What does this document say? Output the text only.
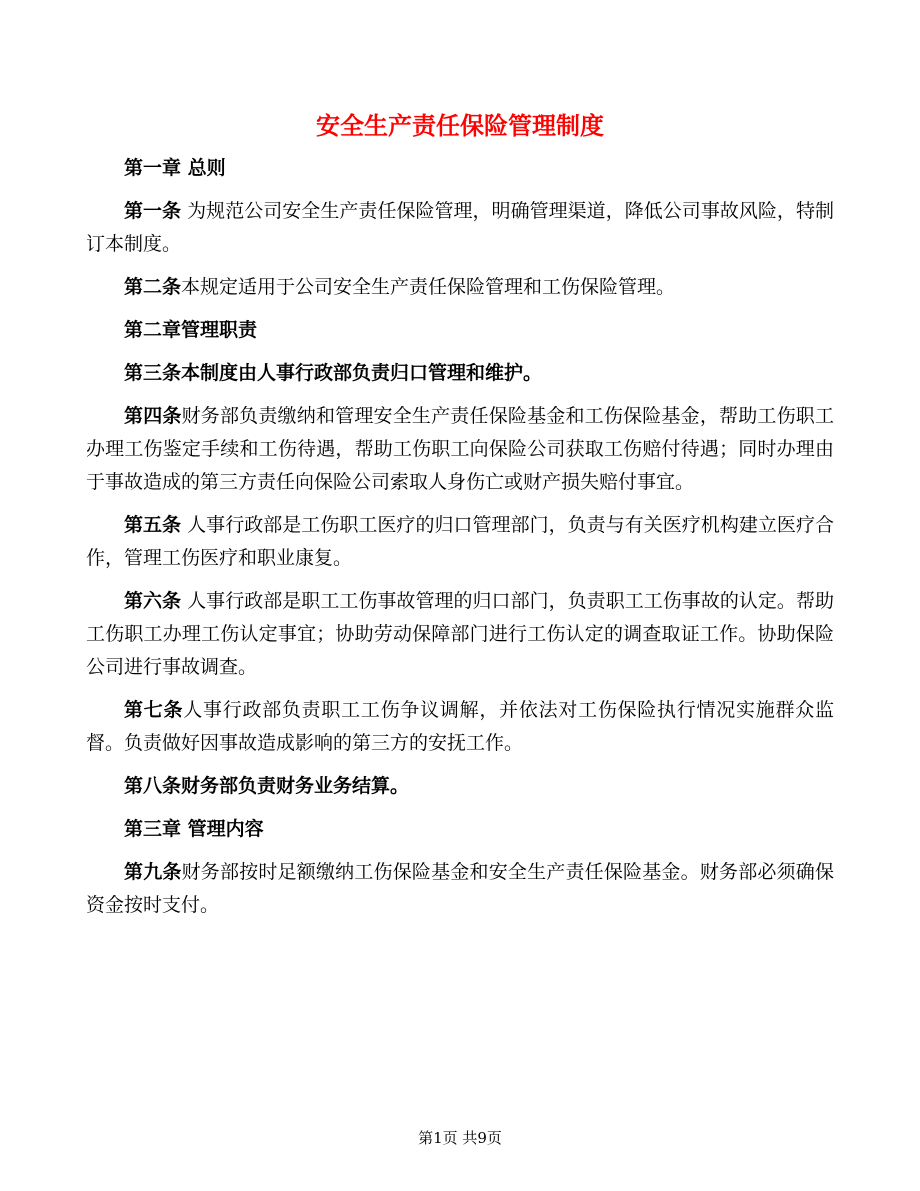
安全生产责任保险管理制度

第一章 总则

第一条 为规范公司安全生产责任保险管理，明确管理渠道，降低公司事故风险，特制订本制度。

第二条本规定适用于公司安全生产责任保险管理和工伤保险管理。

第二章管理职责

第三条本制度由人事行政部负责归口管理和维护。

第四条财务部负责缴纳和管理安全生产责任保险基金和工伤保险基金，帮助工伤职工办理工伤鉴定手续和工伤待遇，帮助工伤职工向保险公司获取工伤赔付待遇；同时办理由于事故造成的第三方责任向保险公司索取人身伤亡或财产损失赔付事宜。

第五条 人事行政部是工伤职工医疗的归口管理部门，负责与有关医疗机构建立医疗合作，管理工伤医疗和职业康复。

第六条 人事行政部是职工工伤事故管理的归口部门，负责职工工伤事故的认定。帮助工伤职工办理工伤认定事宜；协助劳动保障部门进行工伤认定的调查取证工作。协助保险公司进行事故调查。

第七条人事行政部负责职工工伤争议调解，并依法对工伤保险执行情况实施群众监督。负责做好因事故造成影响的第三方的安抚工作。

第八条财务部负责财务业务结算。

第三章 管理内容

第九条财务部按时足额缴纳工伤保险基金和安全生产责任保险基金。财务部必须确保资金按时支付。

第1页 共9页
